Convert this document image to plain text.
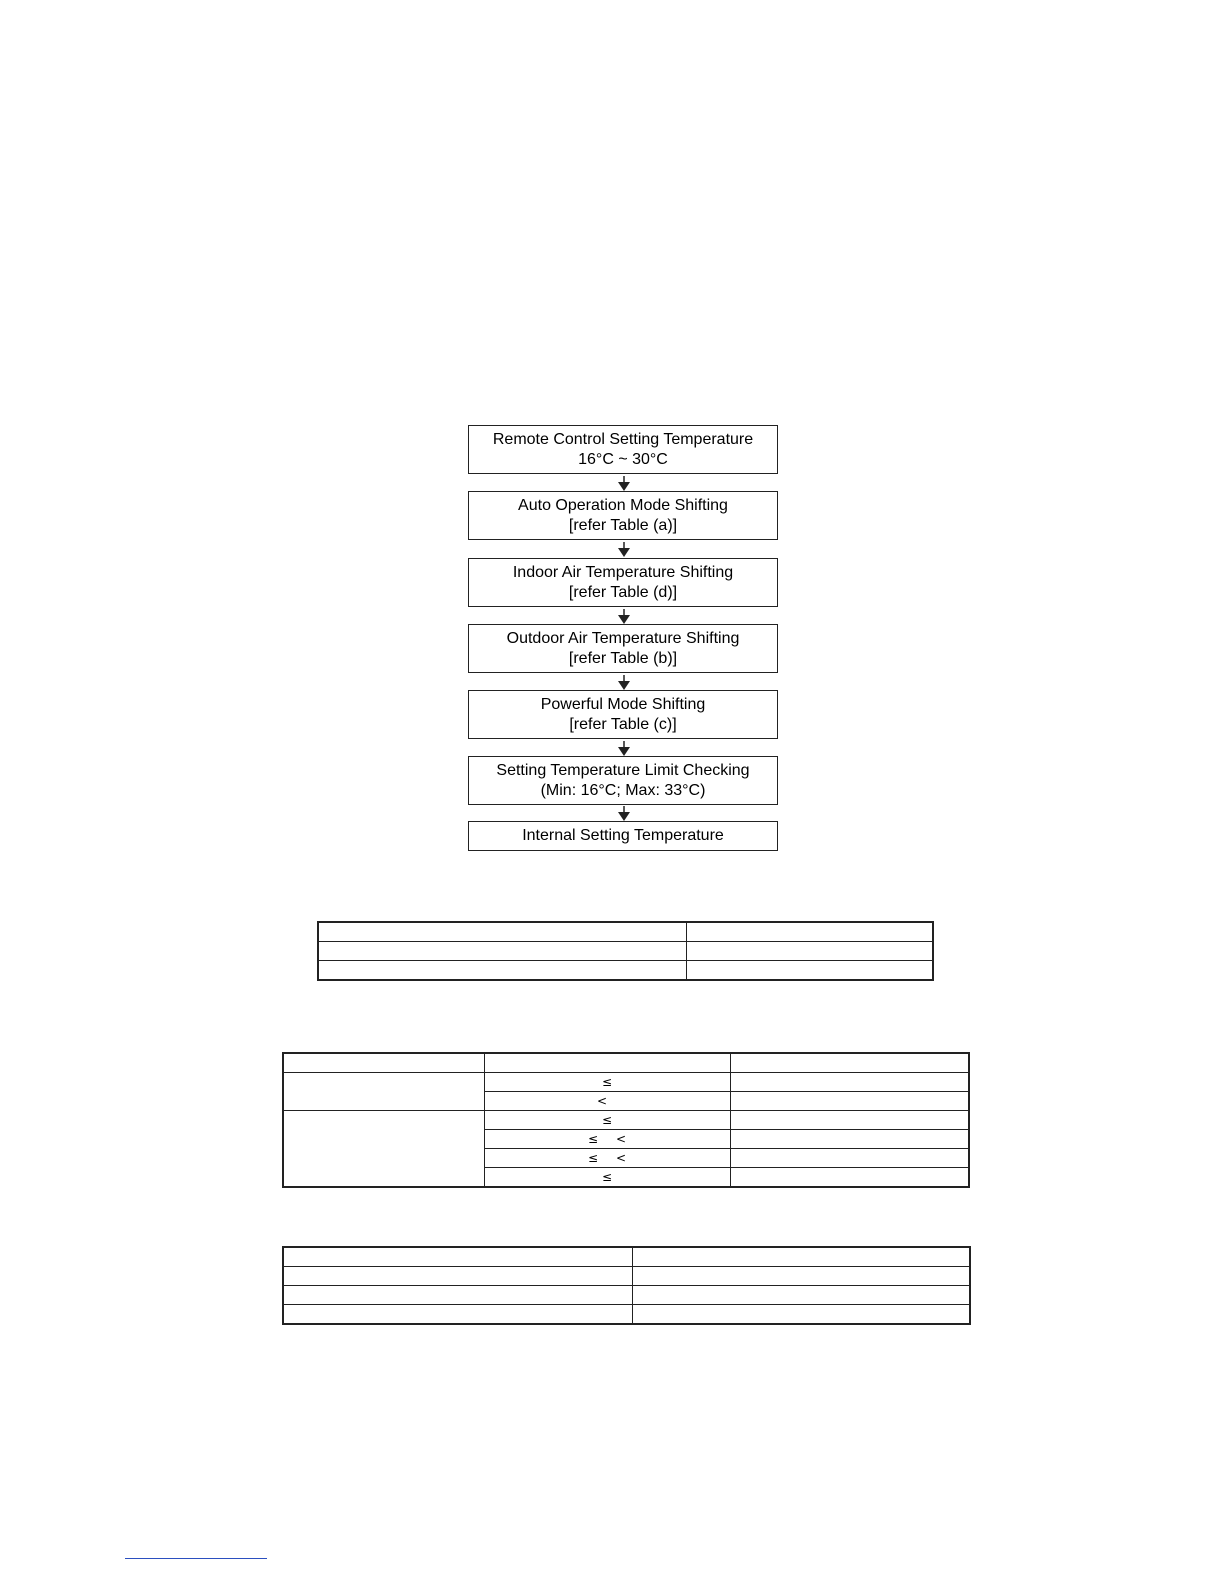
Remote Control Setting Temperature
16°C ~ 30°C
Auto Operation Mode Shifting
[refer Table (a)]
Indoor Air Temperature Shifting
[refer Table (d)]
Outdoor Air Temperature Shifting
[refer Table (b)]
Powerful Mode Shifting
[refer Table (c)]
Setting Temperature Limit Checking
(Min: 16°C; Max: 33°C)
Internal Setting Temperature

	≤	
	<	
	≤	
	≤ <	
	≤ <	
	≤	
